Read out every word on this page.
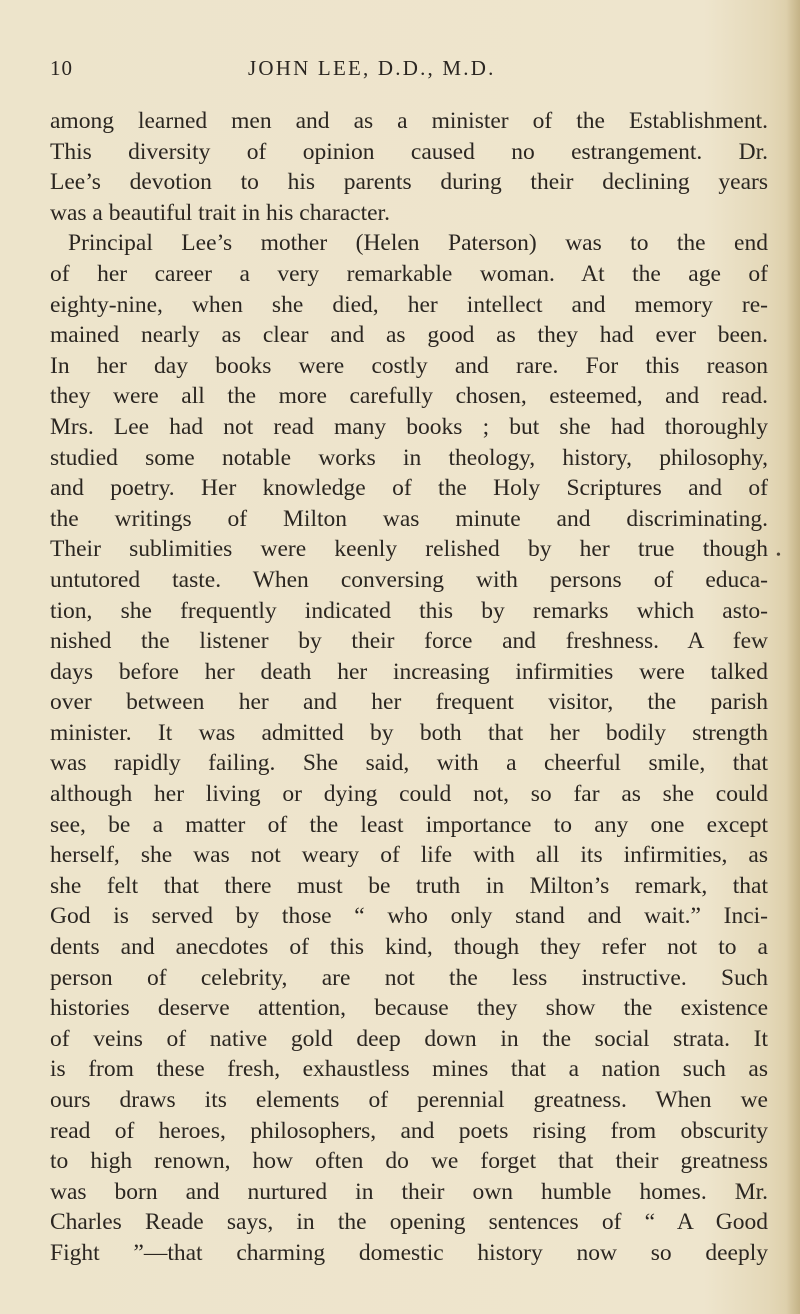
10	JOHN LEE, D.D., M.D.
among learned men and as a minister of the Establishment.
This diversity of opinion caused no estrangement. Dr.
Lee’s devotion to his parents during their declining years
was a beautiful trait in his character.
Principal Lee’s mother (Helen Paterson) was to the end
of her career a very remarkable woman. At the age of
eighty-nine, when she died, her intellect and memory re-
mained nearly as clear and as good as they had ever been.
In her day books were costly and rare. For this reason
they were all the more carefully chosen, esteemed, and read.
Mrs. Lee had not read many books ; but she had thoroughly
studied some notable works in theology, history, philosophy,
and poetry. Her knowledge of the Holy Scriptures and of
the writings of Milton was minute and discriminating.
Their sublimities were keenly relished by her true though
untutored taste. When conversing with persons of educa-
tion, she frequently indicated this by remarks which asto-
nished the listener by their force and freshness. A few
days before her death her increasing infirmities were talked
over between her and her frequent visitor, the parish
minister. It was admitted by both that her bodily strength
was rapidly failing. She said, with a cheerful smile, that
although her living or dying could not, so far as she could
see, be a matter of the least importance to any one except
herself, she was not weary of life with all its infirmities, as
she felt that there must be truth in Milton’s remark, that
God is served by those “ who only stand and wait.” Inci-
dents and anecdotes of this kind, though they refer not to a
person of celebrity, are not the less instructive. Such
histories deserve attention, because they show the existence
of veins of native gold deep down in the social strata. It
is from these fresh, exhaustless mines that a nation such as
ours draws its elements of perennial greatness. When we
read of heroes, philosophers, and poets rising from obscurity
to high renown, how often do we forget that their greatness
was born and nurtured in their own humble homes. Mr.
Charles Reade says, in the opening sentences of “ A Good
Fight ”—that charming domestic history now so deeply
•
